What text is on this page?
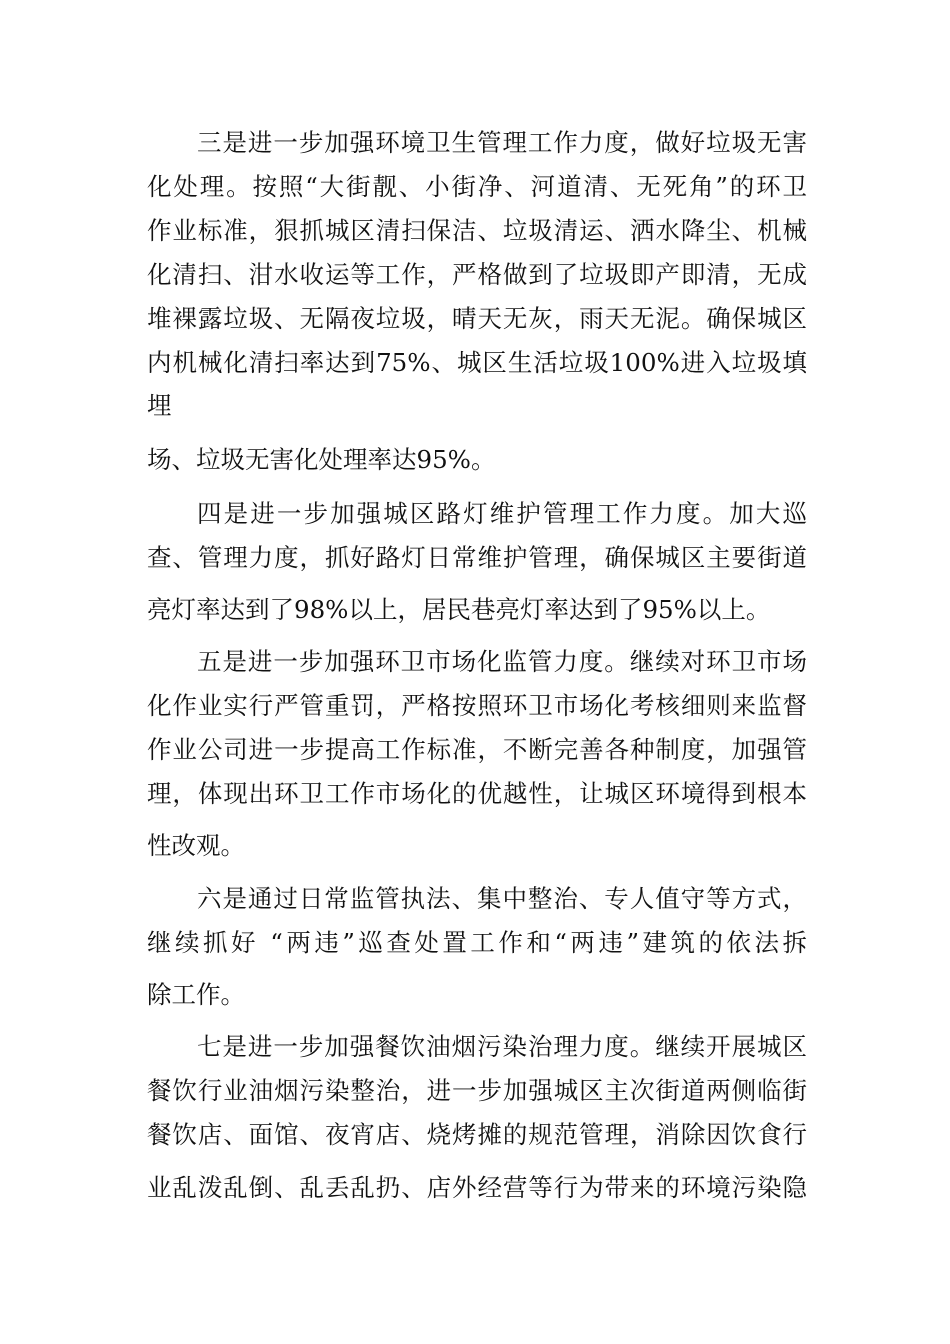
三是进一步加强环境卫生管理工作力度，做好垃圾无害
化处理。按照“大街靓、小街净、河道清、无死角”的环卫
作业标准，狠抓城区清扫保洁、垃圾清运、洒水降尘、机械
化清扫、泔水收运等工作，严格做到了垃圾即产即清，无成
堆裸露垃圾、无隔夜垃圾，晴天无灰，雨天无泥。确保城区
内机械化清扫率达到75%、城区生活垃圾100%进入垃圾填
埋
场、垃圾无害化处理率达95%。
四是进一步加强城区路灯维护管理工作力度。加大巡
查、管理力度，抓好路灯日常维护管理，确保城区主要街道
亮灯率达到了98%以上，居民巷亮灯率达到了95%以上。
五是进一步加强环卫市场化监管力度。继续对环卫市场
化作业实行严管重罚，严格按照环卫市场化考核细则来监督
作业公司进一步提高工作标准，不断完善各种制度，加强管
理，体现出环卫工作市场化的优越性，让城区环境得到根本
性改观。
六是通过日常监管执法、集中整治、专人值守等方式，
继续抓好 “两违”巡查处置工作和“两违”建筑的依法拆
除工作。
七是进一步加强餐饮油烟污染治理力度。继续开展城区
餐饮行业油烟污染整治，进一步加强城区主次街道两侧临街
餐饮店、面馆、夜宵店、烧烤摊的规范管理，消除因饮食行
业乱泼乱倒、乱丢乱扔、店外经营等行为带来的环境污染隐
